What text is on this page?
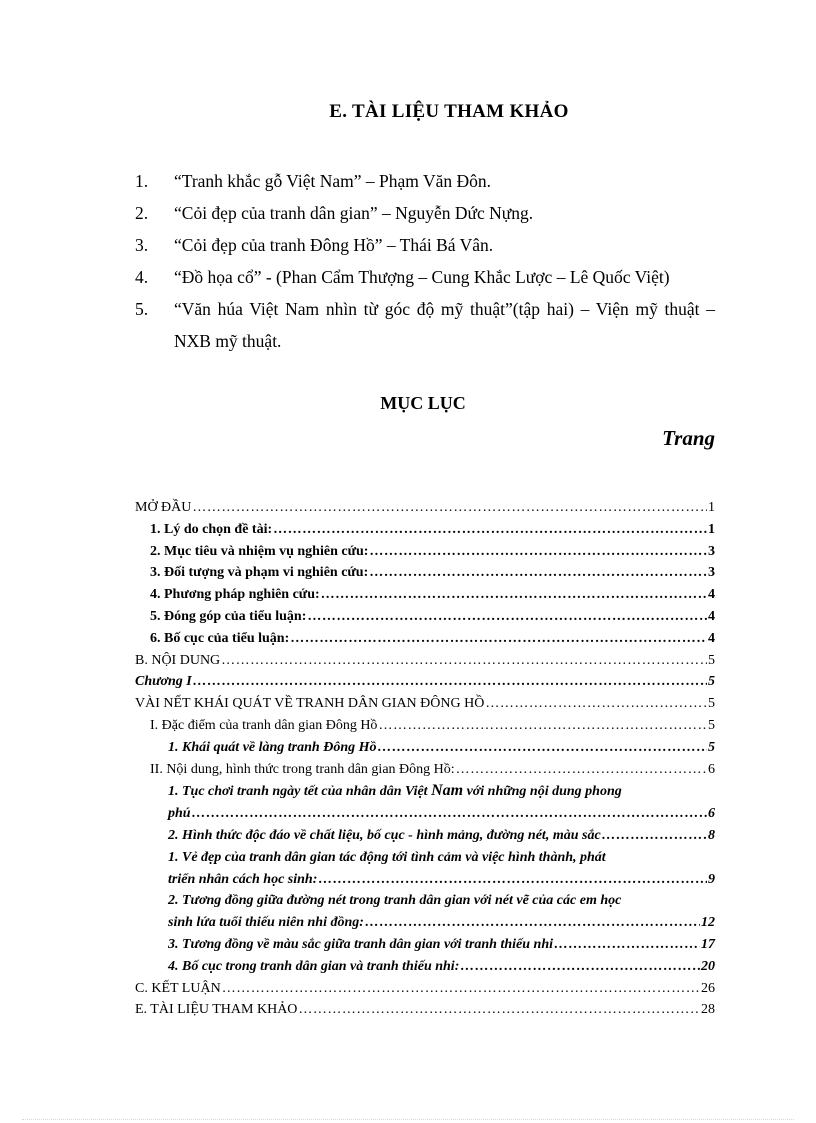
E. TÀI LIỆU THAM KHẢO
1. “Tranh khắc gỗ Việt Nam” – Phạm Văn Đôn.
2. “Cỏi đẹp của tranh dân gian” – Nguyễn Dức Nựng.
3. “Cỏi đẹp của tranh Đông Hồ” – Thái Bá Vân.
4. “Đồ họa cổ” - (Phan Cẩm Thượng – Cung Khắc Lược – Lê Quốc Việt)
5. “Văn húa Việt Nam nhìn từ góc độ mỹ thuật”(tập hai) – Viện mỹ thuật – NXB mỹ thuật.
MỤC LỤC
Trang
MỞ ĐẦU ……………………………………………………………………………………………………………………………………………………………………………………………………………………………	1
1. Lý do chọn đề tài: ……………………………………………………………………………………………………………………………………………………………………………………………………………………………	1
2. Mục tiêu và nhiệm vụ nghiên cứu: ……………………………………………………………………………………………………………………………………………………………………………………………………………………………	3
3. Đối tượng và phạm vi nghiên cứu: ……………………………………………………………………………………………………………………………………………………………………………………………………………………………	3
4. Phương pháp nghiên cứu: ……………………………………………………………………………………………………………………………………………………………………………………………………………………………	4
5. Đóng góp của tiểu luận: ……………………………………………………………………………………………………………………………………………………………………………………………………………………………	4
6. Bố cục của tiểu luận: ……………………………………………………………………………………………………………………………………………………………………………………………………………………………	4
B. NỘI DUNG ……………………………………………………………………………………………………………………………………………………………………………………………………………………………	5
Chương I ……………………………………………………………………………………………………………………………………………………………………………………………………………………………	5
VÀI NẾT KHÁI QUÁT VỀ TRANH DÂN GIAN ĐÔNG HỒ ……………………………………………………………………………………………………………………………………………………………………………………………………………………………	5
I. Đặc điểm của tranh dân gian Đông Hồ ……………………………………………………………………………………………………………………………………………………………………………………………………………………………	5
1. Khái quát về làng tranh Đông Hồ ……………………………………………………………………………………………………………………………………………………………………………………………………………………………	5
II. Nội dung, hình thức trong tranh dân gian Đông Hồ: ……………………………………………………………………………………………………………………………………………………………………………………………………………………………	6
1. Tục chơi tranh ngày tết của nhân dân Việt Nam với những nội dung phong
phú ……………………………………………………………………………………………………………………………………………………………………………………………………………………………	6
2. Hình thức độc đáo về chất liệu, bố cục - hình mảng, đường nét, màu sắc ……………………………………………………………………………………………………………………………………………………………………………………………………………………………	8
1. Vẻ đẹp của tranh dân gian tác động tới tình cảm và việc hình thành, phát
triển nhân cách học sinh: ……………………………………………………………………………………………………………………………………………………………………………………………………………………………	9
2. Tương đồng giữa đường nét trong tranh dân gian với nét vẽ của các em học
sinh lứa tuổi thiếu niên nhi đồng: ……………………………………………………………………………………………………………………………………………………………………………………………………………………………	12
3. Tương đồng về màu sắc giữa tranh dân gian với tranh thiếu nhi ……………………………………………………………………………………………………………………………………………………………………………………………………………………………	17
4. Bố cục trong tranh dân gian và tranh thiếu nhi: ……………………………………………………………………………………………………………………………………………………………………………………………………………………………	20
C. KẾT LUẬN ……………………………………………………………………………………………………………………………………………………………………………………………………………………………	26
E. TÀI LIỆU THAM KHẢO ……………………………………………………………………………………………………………………………………………………………………………………………………………………………	28
